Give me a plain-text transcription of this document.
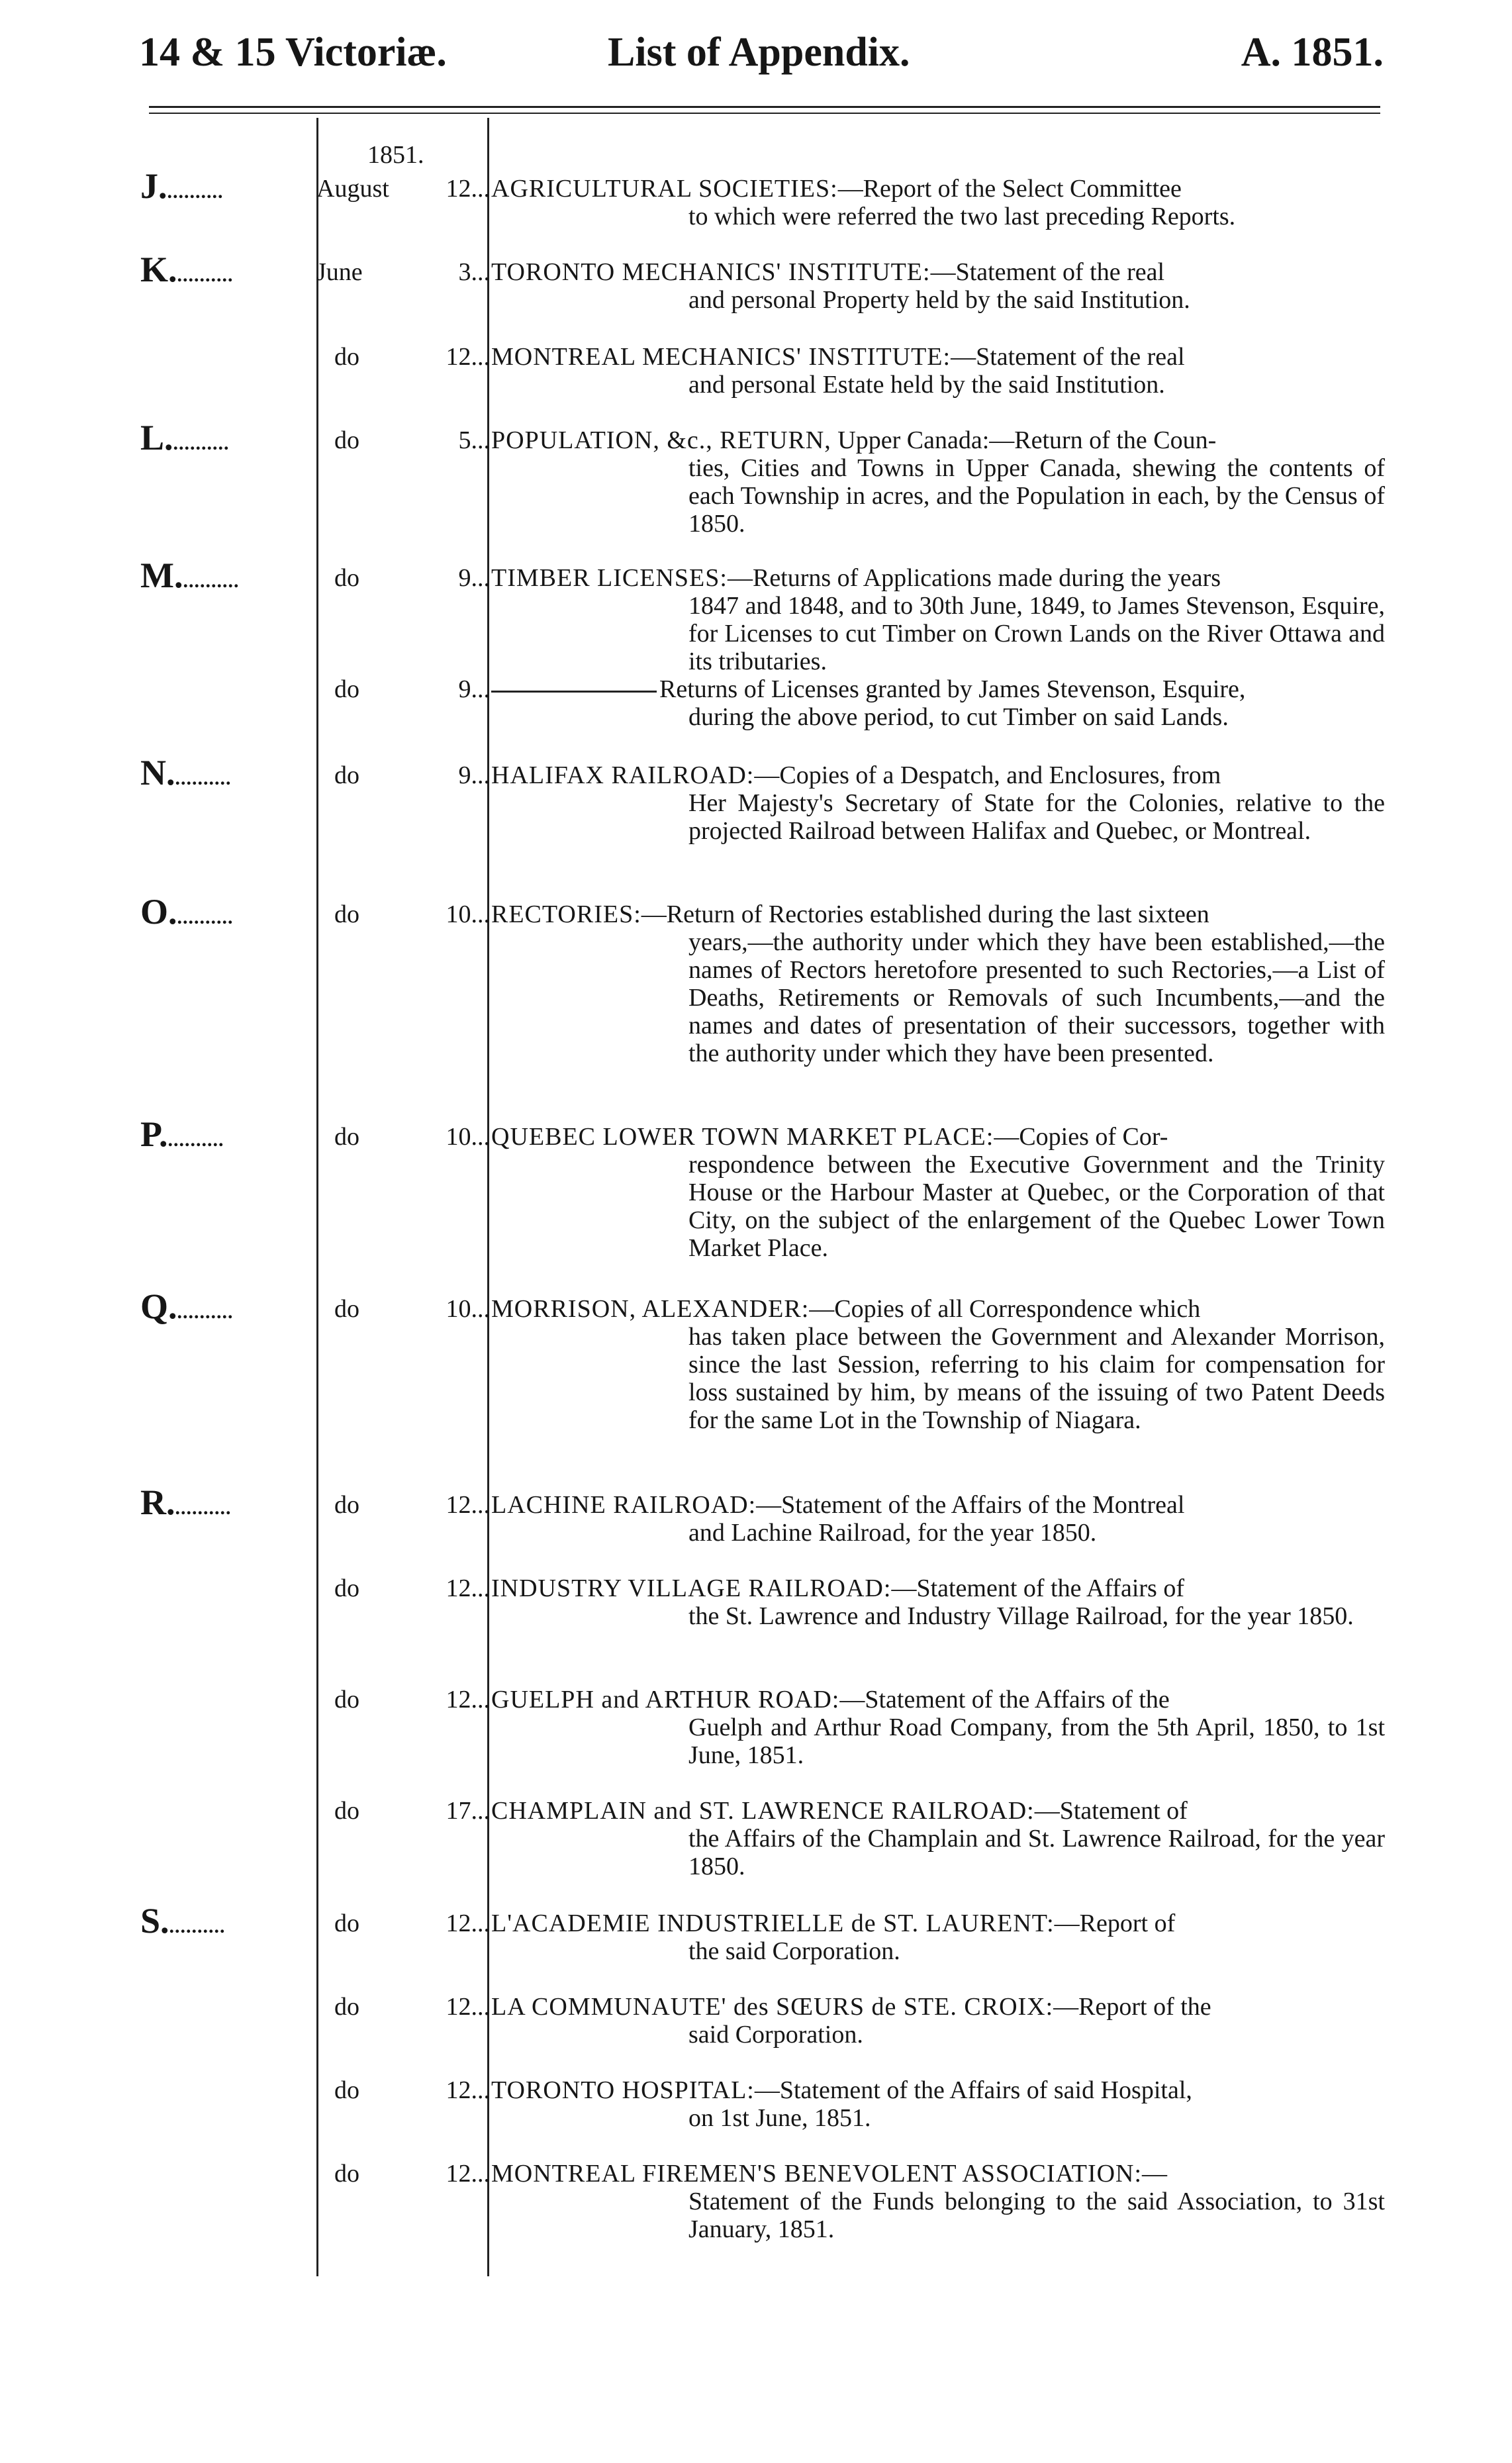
14 & 15 Victoriæ.	List of Appendix.	A. 1851.
1851.
J...........	August	12... AGRICULTURAL SOCIETIES:—Report of the Select Committee
to which were referred the two last preceding Reports.
K...........	June	3... TORONTO MECHANICS' INSTITUTE:—Statement of the real
and personal Property held by the said Institution.
do	12... MONTREAL MECHANICS' INSTITUTE:—Statement of the real
and personal Estate held by the said Institution.
L...........	do	5... POPULATION, &c., RETURN, Upper Canada:—Return of the Coun-
ties, Cities and Towns in Upper Canada, shewing the contents of each Township in acres, and the Population in each, by the Census of 1850.
M...........	do	9... TIMBER LICENSES:—Returns of Applications made during the years
1847 and 1848, and to 30th June, 1849, to James Stevenson, Esquire, for Licenses to cut Timber on Crown Lands on the River Ottawa and its tributaries.
do	9...	Returns of Licenses granted by James Stevenson, Esquire,
during the above period, to cut Timber on said Lands.
N...........	do	9... HALIFAX RAILROAD:—Copies of a Despatch, and Enclosures, from
Her Majesty's Secretary of State for the Colonies, relative to the projected Railroad between Halifax and Quebec, or Montreal.
O...........	do	10... RECTORIES:—Return of Rectories established during the last sixteen
years,—the authority under which they have been established,—the names of Rectors heretofore presented to such Rectories,—a List of Deaths, Retirements or Removals of such Incumbents,—and the names and dates of presentation of their successors, together with the authority under which they have been presented.
P...........	do	10... QUEBEC LOWER TOWN MARKET PLACE:—Copies of Cor-
respondence between the Executive Government and the Trinity House or the Harbour Master at Quebec, or the Corporation of that City, on the subject of the enlargement of the Quebec Lower Town Market Place.
Q...........	do	10... MORRISON, ALEXANDER:—Copies of all Correspondence which
has taken place between the Government and Alexander Morrison, since the last Session, referring to his claim for compensation for loss sustained by him, by means of the issuing of two Patent Deeds for the same Lot in the Township of Niagara.
R...........	do	12... LACHINE RAILROAD:—Statement of the Affairs of the Montreal
and Lachine Railroad, for the year 1850.
do	12... INDUSTRY VILLAGE RAILROAD:—Statement of the Affairs of
the St. Lawrence and Industry Village Railroad, for the year 1850.
do	12... GUELPH and ARTHUR ROAD:—Statement of the Affairs of the
Guelph and Arthur Road Company, from the 5th April, 1850, to 1st June, 1851.
do	17... CHAMPLAIN and ST. LAWRENCE RAILROAD:—Statement of
the Affairs of the Champlain and St. Lawrence Railroad, for the year 1850.
S...........	do	12... L'ACADEMIE INDUSTRIELLE de ST. LAURENT:—Report of
the said Corporation.
do	12... LA COMMUNAUTE' des SŒURS de STE. CROIX:—Report of the
said Corporation.
do	12... TORONTO HOSPITAL:—Statement of the Affairs of said Hospital,
on 1st June, 1851.
do	12... MONTREAL FIREMEN'S BENEVOLENT ASSOCIATION:—
Statement of the Funds belonging to the said Association, to 31st January, 1851.
